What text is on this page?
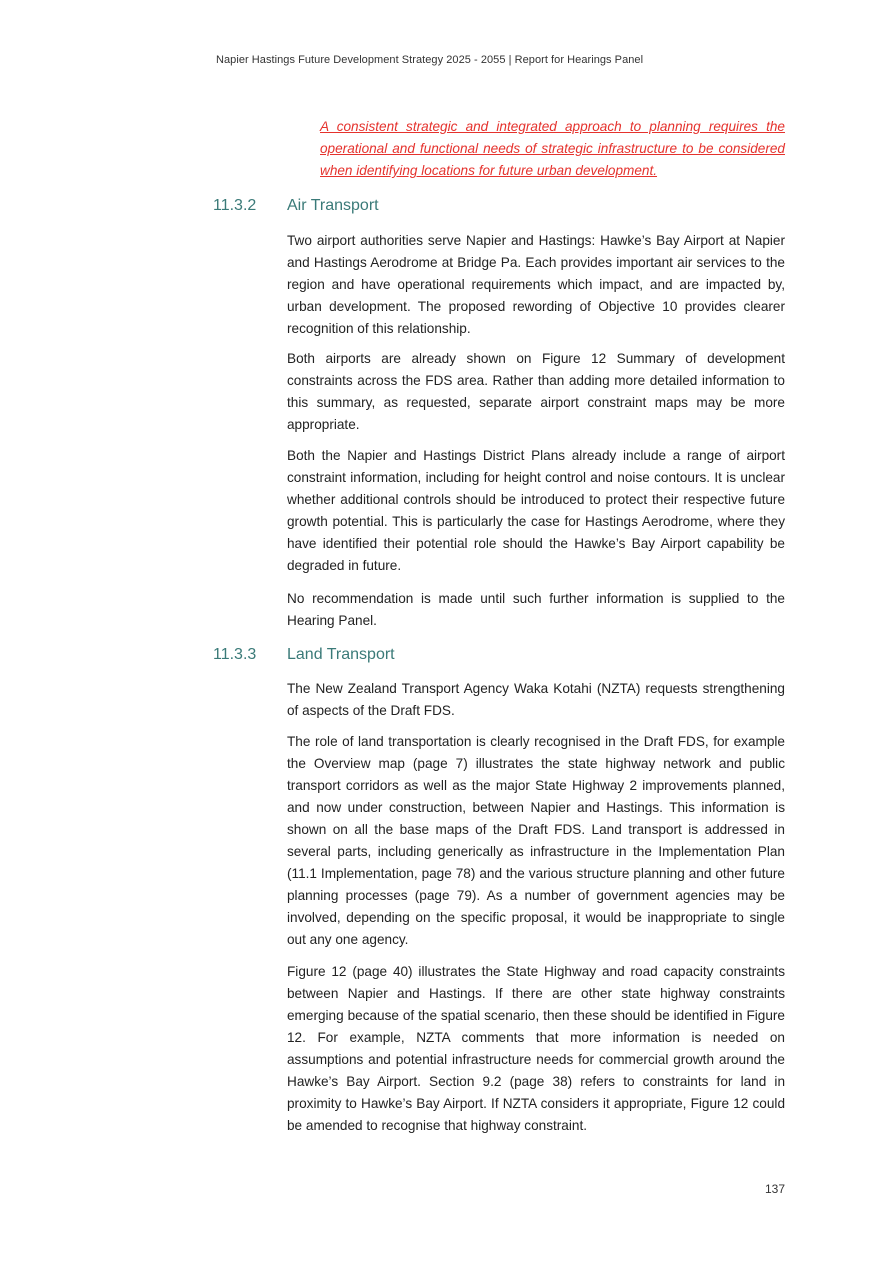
Napier Hastings Future Development Strategy 2025 - 2055 | Report for Hearings Panel

A consistent strategic and integrated approach to planning requires the operational and functional needs of strategic infrastructure to be considered when identifying locations for future urban development.

11.3.2 Air Transport

Two airport authorities serve Napier and Hastings: Hawke’s Bay Airport at Napier and Hastings Aerodrome at Bridge Pa. Each provides important air services to the region and have operational requirements which impact, and are impacted by, urban development. The proposed rewording of Objective 10 provides clearer recognition of this relationship.

Both airports are already shown on Figure 12 Summary of development constraints across the FDS area. Rather than adding more detailed information to this summary, as requested, separate airport constraint maps may be more appropriate.

Both the Napier and Hastings District Plans already include a range of airport constraint information, including for height control and noise contours. It is unclear whether additional controls should be introduced to protect their respective future growth potential. This is particularly the case for Hastings Aerodrome, where they have identified their potential role should the Hawke’s Bay Airport capability be degraded in future.

No recommendation is made until such further information is supplied to the Hearing Panel.

11.3.3 Land Transport

The New Zealand Transport Agency Waka Kotahi (NZTA) requests strengthening of aspects of the Draft FDS.

The role of land transportation is clearly recognised in the Draft FDS, for example the Overview map (page 7) illustrates the state highway network and public transport corridors as well as the major State Highway 2 improvements planned, and now under construction, between Napier and Hastings. This information is shown on all the base maps of the Draft FDS. Land transport is addressed in several parts, including generically as infrastructure in the Implementation Plan (11.1 Implementation, page 78) and the various structure planning and other future planning processes (page 79). As a number of government agencies may be involved, depending on the specific proposal, it would be inappropriate to single out any one agency.

Figure 12 (page 40) illustrates the State Highway and road capacity constraints between Napier and Hastings. If there are other state highway constraints emerging because of the spatial scenario, then these should be identified in Figure 12. For example, NZTA comments that more information is needed on assumptions and potential infrastructure needs for commercial growth around the Hawke’s Bay Airport. Section 9.2 (page 38) refers to constraints for land in proximity to Hawke’s Bay Airport. If NZTA considers it appropriate, Figure 12 could be amended to recognise that highway constraint.

137
